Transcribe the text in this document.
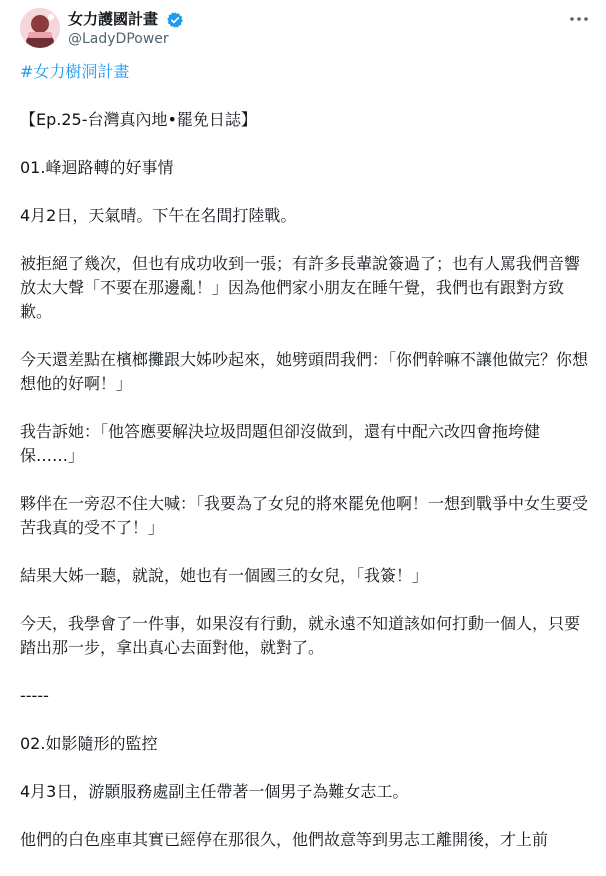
女力護國計畫
@LadyDPower

#女力樹洞計畫

【Ep.25-台灣真內地•罷免日誌】

01.峰迴路轉的好事情

4月2日，天氣晴。下午在名間打陸戰。

被拒絕了幾次，但也有成功收到一張；有許多長輩說簽過了；也有人罵我們音響放太大聲「不要在那邊亂！」因為他們家小朋友在睡午覺，我們也有跟對方致歉。

今天還差點在檳榔攤跟大姊吵起來，她劈頭問我們：「你們幹嘛不讓他做完？你想想他的好啊！」

我告訴她：「他答應要解決垃圾問題但卻沒做到，還有中配六改四會拖垮健保……」

夥伴在一旁忍不住大喊：「我要為了女兒的將來罷免他啊！一想到戰爭中女生要受苦我真的受不了！」

結果大姊一聽，就說，她也有一個國三的女兒，「我簽！」

今天，我學會了一件事，如果沒有行動，就永遠不知道該如何打動一個人，只要踏出那一步，拿出真心去面對他，就對了。

-----

02.如影隨形的監控

4月3日，游顥服務處副主任帶著一個男子為難女志工。

他們的白色座車其實已經停在那很久，他們故意等到男志工離開後，才上前
